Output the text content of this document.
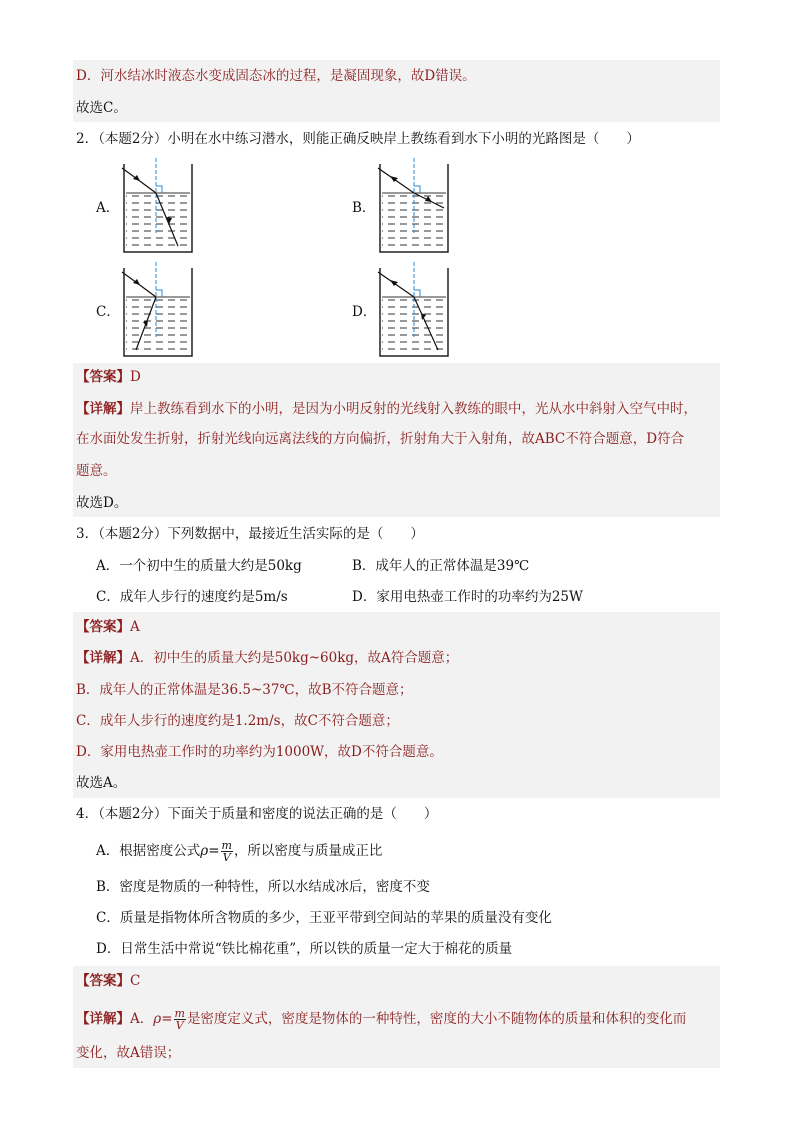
D．河水结冰时液态水变成固态冰的过程，是凝固现象，故D错误。
故选C。
2．（本题2分）小明在水中练习潜水，则能正确反映岸上教练看到水下小明的光路图是（　　）
A．	B．
C．	D．
【答案】D
【详解】岸上教练看到水下的小明，是因为小明反射的光线射入教练的眼中，光从水中斜射入空气中时，
在水面处发生折射，折射光线向远离法线的方向偏折，折射角大于入射角，故ABC不符合题意，D符合
题意。
故选D。
3．（本题2分）下列数据中，最接近生活实际的是（　　）
A．一个初中生的质量大约是50kg	B．成年人的正常体温是39℃
C．成年人步行的速度约是5m/s	D．家用电热壶工作时的功率约为25W
【答案】A
【详解】A．初中生的质量大约是50kg~60kg，故A符合题意；
B．成年人的正常体温是36.5~37℃，故B不符合题意；
C．成年人步行的速度约是1.2m/s，故C不符合题意；
D．家用电热壶工作时的功率约为1000W，故D不符合题意。
故选A。
4．（本题2分）下面关于质量和密度的说法正确的是（　　）
A．根据密度公式$\rho= \frac{m}{V}$ ，所以密度与质量成正比
B．密度是物质的一种特性，所以水结成冰后，密度不变
C．质量是指物体所含物质的多少，王亚平带到空间站的苹果的质量没有变化
D．日常生活中常说“铁比棉花重”，所以铁的质量一定大于棉花的质量
【答案】C
【详解】A．$\rho= \frac{m}{V}$ 是密度定义式，密度是物体的一种特性，密度的大小不随物体的质量和体积的变化而
变化，故A错误；
